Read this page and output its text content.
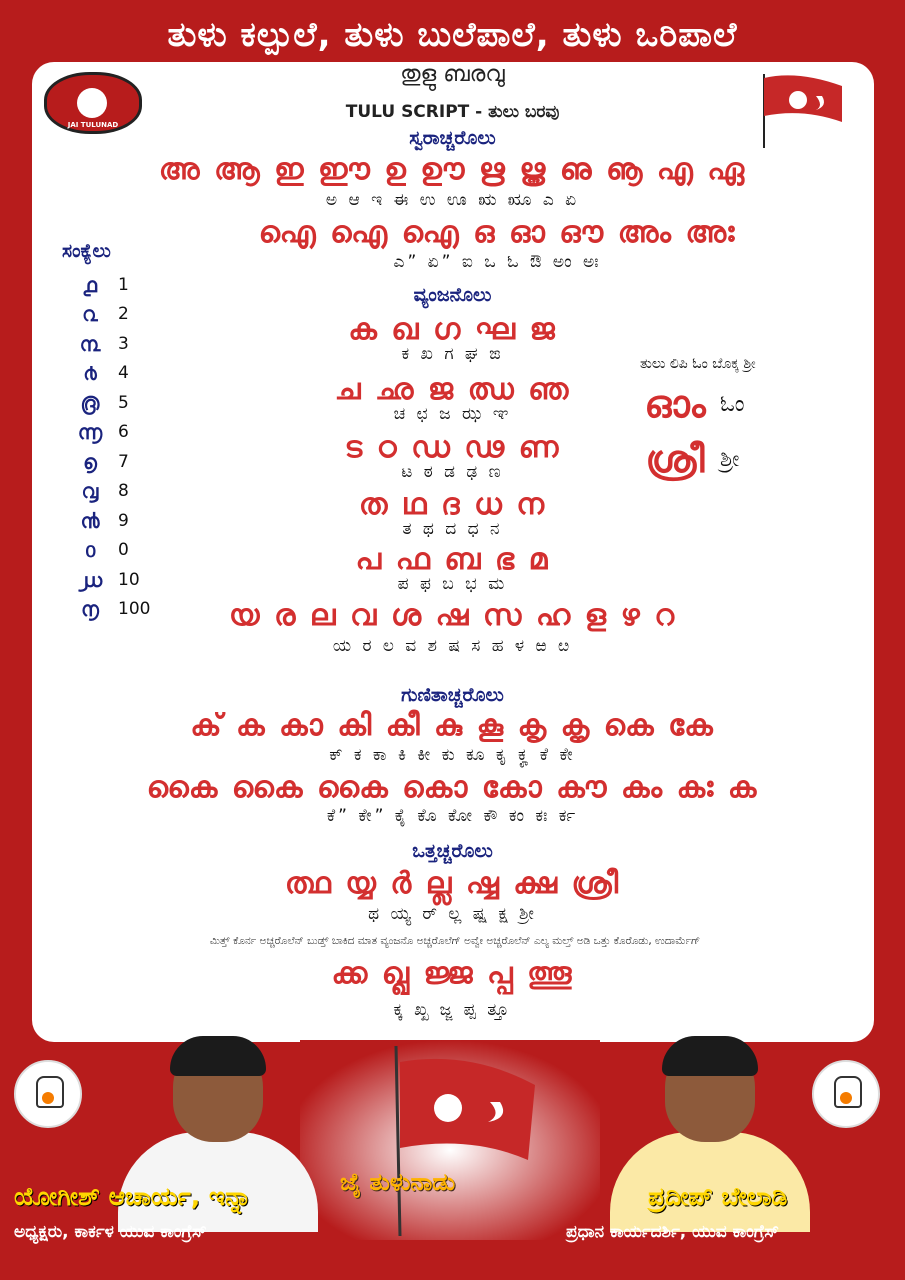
ತುಳು ಕಲ್ಪುಲೆ, ತುಳು ಬುಲೆಪಾಲೆ, ತುಳು ಒರಿಪಾಲೆ
JAI TULUNAD
തുളു ബരവു
TULU SCRIPT - ತುಲು ಬರವು
ಸ್ವರಾಚ್ಚರೊಲು
അ ആ ഇ ഈ ഉ ഊ ഋ ൠ ഌ ൡ എ ഏ
ಅ ಆ ಇ ಈ ಉ ಊ ಋ ೠ ಎ ಏ
ഐ ഐ ഐ ഒ ഓ ഔ അം അഃ
ಎ” ಏ” ಐ ಒ ಓ ಔ ಅಂ ಅಃ
ಸಂಕ್ಯೆಲು
൧	1
൨	2
൩	3
൪	4
൫	5
൬ 6
൭	7
൮	8
൯	9
൦	0
൰ 10
൱	100
ವ್ಯಂಜನೊಲು
ക ഖ ഗ ഘ ജ
ಕ ಖ ಗ ಘ ಙ
ച ഛ ജ ഝ ഞ
ಚ ಛ ಜ ಝ ಞ
ട ഠ ഡ ഢ ണ
ಟ ಠ ಡ ಢ ಣ
ത ഥ ദ ധ ന
ತ ಥ ದ ಧ ನ
പ ഫ ബ ഭ മ
ಪ ಫ ಬ ಭ ಮ
യ ര ല വ ശ ഷ സ ഹ ള ഴ റ
ಯ ರ ಲ ವ ಶ ಷ ಸ ಹ ಳ ಱ ೞ
ತುಲು ಲಿಪಿ ಓಂ ಬೊಕ್ಕ ಶ್ರೀ
ഓം ಓಂ
ശ്രീ ಶ್ರೀ
ಗುಣಿತಾಚ್ಚರೊಲು
ക് ക കാ കി കീ കു കൂ കൃ കൄ കെ കേ
ಕ್ ಕ ಕಾ ಕಿ ಕೀ ಕು ಕೂ ಕೃ ಕೄ ಕೆ ಕೇ
കൈ കൈ കൈ കൊ കോ കൗ കം കഃ ക
ಕೆ” ಕೇ” ಕೈ ಕೊ ಕೋ ಕೌ ಕಂ ಕಃ ರ್ಕ
ಒತ್ತಚ್ಚರೊಲು
ത്ഥ യ്യ ർ ല്ല ഷ്ഷ ക്ഷ ശ്രീ
ಥ ಯ್ಯ ರ್ ಲ್ಲ ಷ್ಷ ಕ್ಷ ಶ್ರೀ
ಮಿತ್ತ್ ಕೊರ್ನ ಅಚ್ಚರೊಲೆನ್ ಬುಡ್ತ್ ಬಾಕಿದ ಮಾತ ವ್ಯಂಜನೊ ಅಚ್ಚರೊಲೆಗ್ ಅವ್ವೇ ಅಚ್ಚರೊಲೆನ್ ಎಲ್ಯ ಮಲ್ತ್ ಅಡಿ ಒತ್ತು ಕೊರೊಡು, ಉದಾರ್ಮೆಗ್
ക്ക ഖ്ഖ ജ്ജ പ്പ ത്തൂ
ಕ್ಕ ಖ್ಖ ಜ್ಜ ಪ್ಪ ತ್ತೂ
ಯೋಗೀಶ್ ಆಚಾರ್ಯ, ಇನ್ನಾ
ಅಧ್ಯಕ್ಷರು, ಕಾರ್ಕಳ ಯುವ ಕಾಂಗ್ರೆಸ್
ಪ್ರದೀಪ್ ಬೇಲಾಡಿ
ಪ್ರಧಾನ ಕಾರ್ಯದರ್ಶಿ, ಯುವ ಕಾಂಗ್ರೆಸ್
ಜೈ ತುಳುನಾಡು
